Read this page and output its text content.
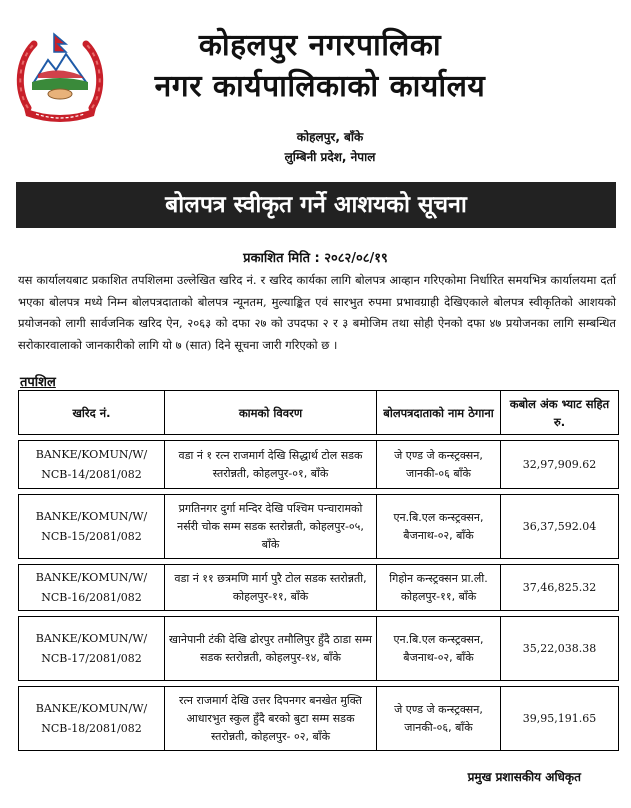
कोहलपुर नगरपालिका
नगर कार्यपालिकाको कार्यालय
कोहलपुर, बाँके
लुम्बिनी प्रदेश, नेपाल
बोलपत्र स्वीकृत गर्ने आशयको सूचना
प्रकाशित मिति : २०८२/०८/१९
यस कार्यालयबाट प्रकाशित तपशिलमा उल्लेखित खरिद नं. र खरिद कार्यका लागि बोलपत्र आव्हान गरिएकोमा निर्धारित समयभित्र कार्यालयमा दर्ता भएका बोलपत्र मध्ये निम्न बोलपत्रदाताको बोलपत्र न्यूनतम, मुल्याङ्कित एवं सारभुत रुपमा प्रभावग्राही देखिएकाले बोलपत्र स्वीकृतिको आशयको प्रयोजनको लागी सार्वजनिक खरिद ऐन, २०६३ को दफा २७ को उपदफा २ र ३ बमोजिम तथा सोही ऐनको दफा ४७ प्रयोजनका लागि सम्बन्धित सरोकारवालाको जानकारीको लागि यो ७ (सात) दिने सूचना जारी गरिएको छ ।
तपशिल
खरिद नं.	कामको विवरण	बोलपत्रदाताको नाम ठेगाना	कबोल अंक भ्याट सहित रु.

BANKE/KOMUN/W/ NCB-14/2081/082	वडा नं १ रत्न राजमार्ग देखि सिद्धार्थ टोल सडक स्तरोन्नती, कोहलपुर-०१, बाँके	जे एण्ड जे कन्स्ट्रक्सन, जानकी-०६ बाँके	32,97,909.62

BANKE/KOMUN/W/ NCB-15/2081/082	प्रगतिनगर दुर्गा मन्दिर देखि पश्चिम पन्चारामको नर्सरी चोक सम्म सडक स्तरोन्नती, कोहलपुर-०५, बाँके	एन.बि.एल कन्स्ट्रक्सन, बैजनाथ-०२, बाँके	36,37,592.04

BANKE/KOMUN/W/ NCB-16/2081/082	वडा नं ११ छत्रमणि मार्ग पुरै टोल सडक स्तरोन्नती, कोहलपुर-११, बाँके	गिहोन कन्स्ट्रक्सन प्रा.ली. कोहलपुर-११, बाँके	37,46,825.32

BANKE/KOMUN/W/ NCB-17/2081/082	खानेपानी टंकी देखि ढोरपुर तमौलिपुर हुँदै ठाडा सम्म सडक स्तरोन्नती, कोहलपुर-१४, बाँके	एन.बि.एल कन्स्ट्रक्सन, बैजनाथ-०२, बाँके	35,22,038.38

BANKE/KOMUN/W/ NCB-18/2081/082	रत्न राजमार्ग देखि उत्तर दिपनगर बनखेत मुक्ति आधारभुत स्कुल हुँदै बरको बुटा सम्म सडक स्तरोन्नती, कोहलपुर- ०२, बाँके	जे एण्ड जे कन्स्ट्रक्सन, जानकी-०६, बाँके	39,95,191.65
प्रमुख प्रशासकीय अधिकृत
